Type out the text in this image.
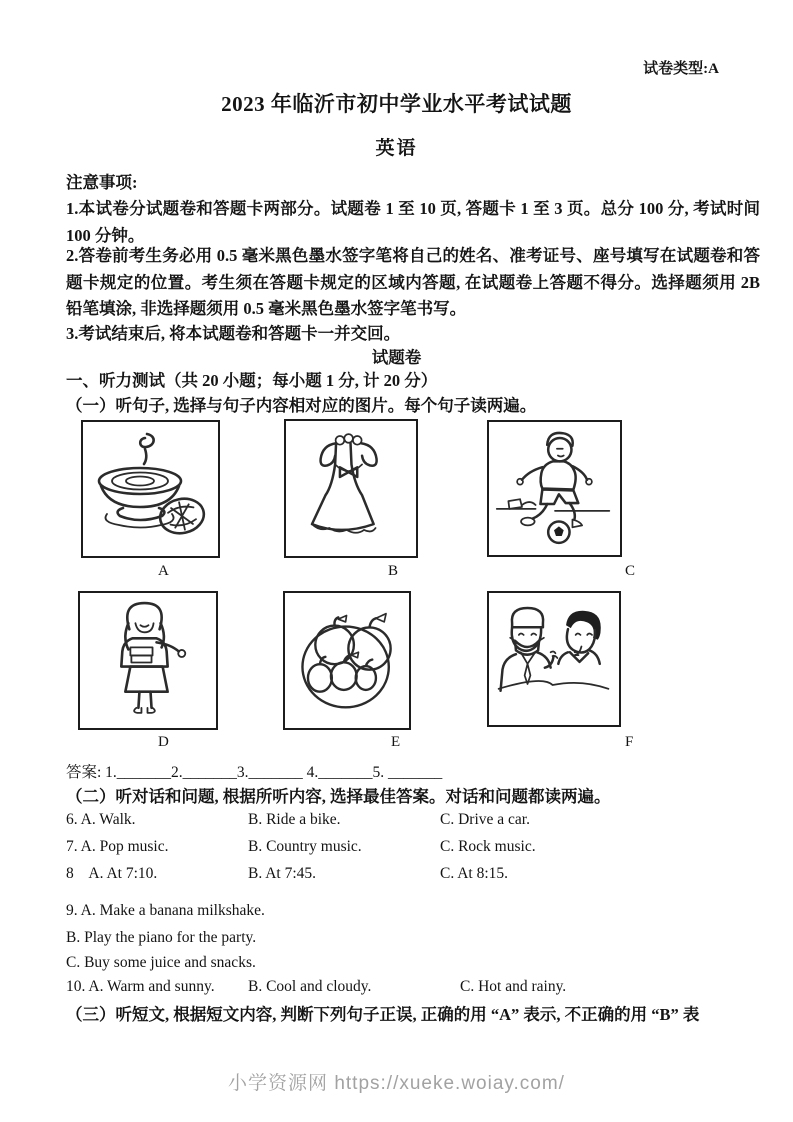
试卷类型:A
2023 年临沂市初中学业水平考试试题
英语
注意事项:
1.本试卷分试题卷和答题卡两部分。试题卷 1 至 10 页, 答题卡 1 至 3 页。总分 100 分, 考试时间 100 分钟。
2.答卷前考生务必用 0.5 毫米黑色墨水签字笔将自己的姓名、准考证号、座号填写在试题卷和答题卡规定的位置。考生须在答题卡规定的区域内答题, 在试题卷上答题不得分。选择题须用 2B 铅笔填涂, 非选择题须用 0.5 毫米黑色墨水签字笔书写。
3.考试结束后, 将本试题卷和答题卡一并交回。
试题卷
一、听力测试（共 20 小题；每小题 1 分, 计 20 分）
（一）听句子, 选择与句子内容相对应的图片。每个句子读两遍。
A	B	C
D	E	F
答案: 1._______2._______3._______ 4._______5. _______
（二）听对话和问题, 根据所听内容, 选择最佳答案。对话和问题都读两遍。
6. A. Walk.	B. Ride a bike.	C. Drive a car.
7. A. Pop music.	B. Country music.	C. Rock music.
8    A. At 7:10.	B. At 7:45.	C. At 8:15.
9. A. Make a banana milkshake.
B. Play the piano for the party.
C. Buy some juice and snacks.
10. A. Warm and sunny. B. Cool and cloudy.	C. Hot and rainy.
（三）听短文, 根据短文内容, 判断下列句子正误, 正确的用 “A” 表示, 不正确的用 “B” 表
小学资源网 https://xueke.woiay.com/
